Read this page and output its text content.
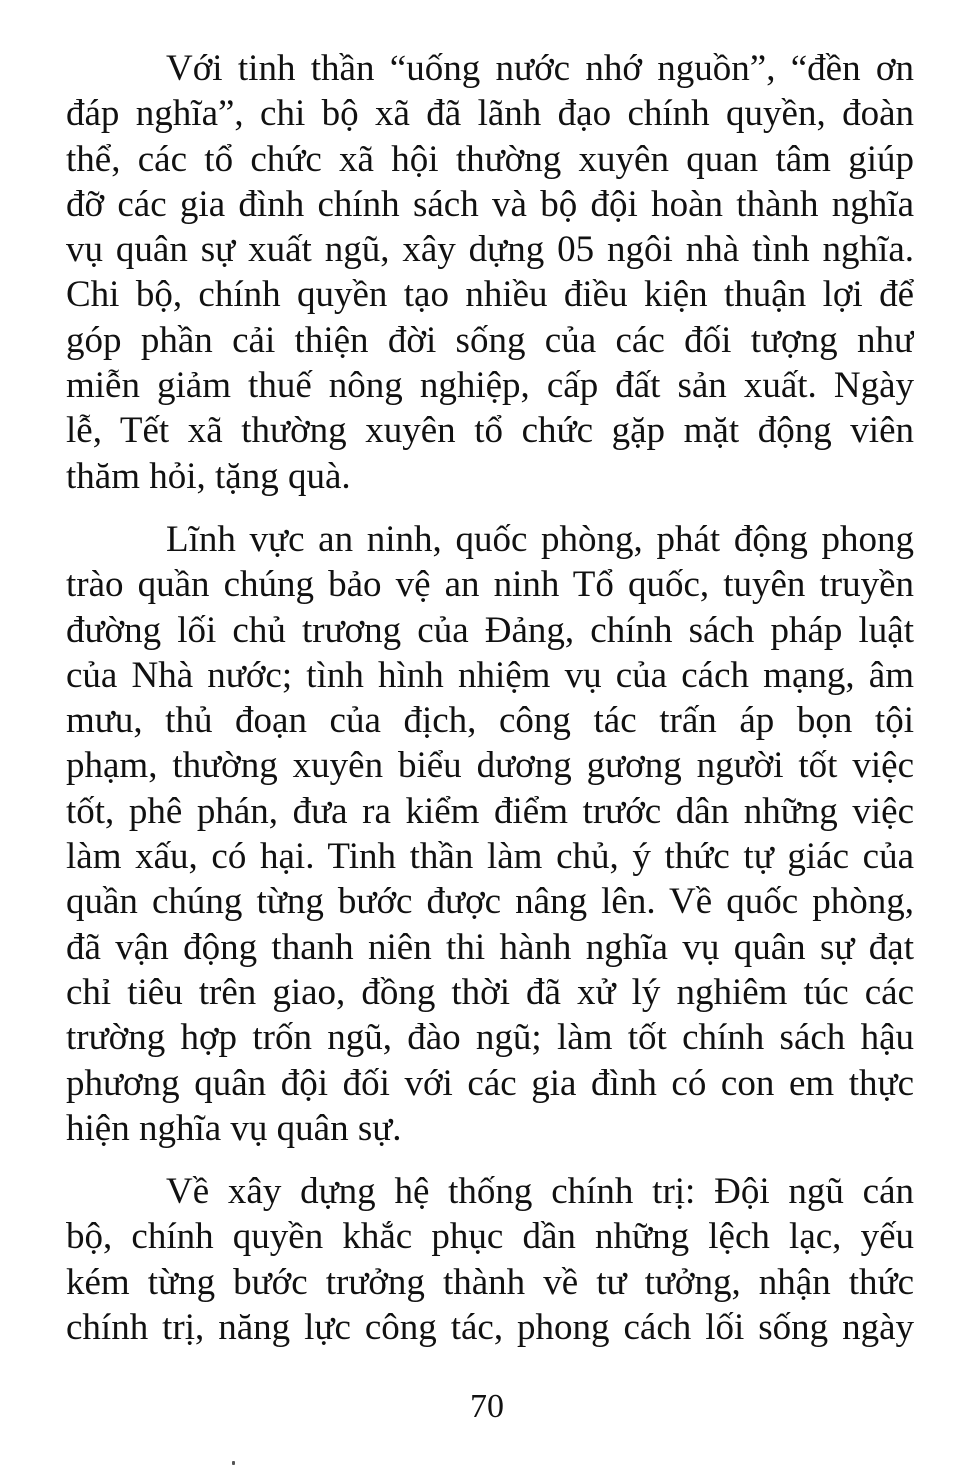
Với tinh thần “uống nước nhớ nguồn”, “đền ơn
đáp nghĩa”, chi bộ xã đã lãnh đạo chính quyền, đoàn
thể, các tổ chức xã hội thường xuyên quan tâm giúp
đỡ các gia đình chính sách và bộ đội hoàn thành nghĩa
vụ quân sự xuất ngũ, xây dựng 05 ngôi nhà tình nghĩa.
Chi bộ, chính quyền tạo nhiều điều kiện thuận lợi để
góp phần cải thiện đời sống của các đối tượng như
miễn giảm thuế nông nghiệp, cấp đất sản xuất. Ngày
lễ, Tết xã thường xuyên tổ chức gặp mặt động viên
thăm hỏi, tặng quà.
Lĩnh vực an ninh, quốc phòng, phát động phong
trào quần chúng bảo vệ an ninh Tổ quốc, tuyên truyền
đường lối chủ trương của Đảng, chính sách pháp luật
của Nhà nước; tình hình nhiệm vụ của cách mạng, âm
mưu, thủ đoạn của địch, công tác trấn áp bọn tội
phạm, thường xuyên biểu dương gương người tốt việc
tốt, phê phán, đưa ra kiểm điểm trước dân những việc
làm xấu, có hại. Tinh thần làm chủ, ý thức tự giác của
quần chúng từng bước được nâng lên. Về quốc phòng,
đã vận động thanh niên thi hành nghĩa vụ quân sự đạt
chỉ tiêu trên giao, đồng thời đã xử lý nghiêm túc các
trường hợp trốn ngũ, đào ngũ; làm tốt chính sách hậu
phương quân đội đối với các gia đình có con em thực
hiện nghĩa vụ quân sự.
Về xây dựng hệ thống chính trị: Đội ngũ cán
bộ, chính quyền khắc phục dần những lệch lạc, yếu
kém từng bước trưởng thành về tư tưởng, nhận thức
chính trị, năng lực công tác, phong cách lối sống ngày
70
